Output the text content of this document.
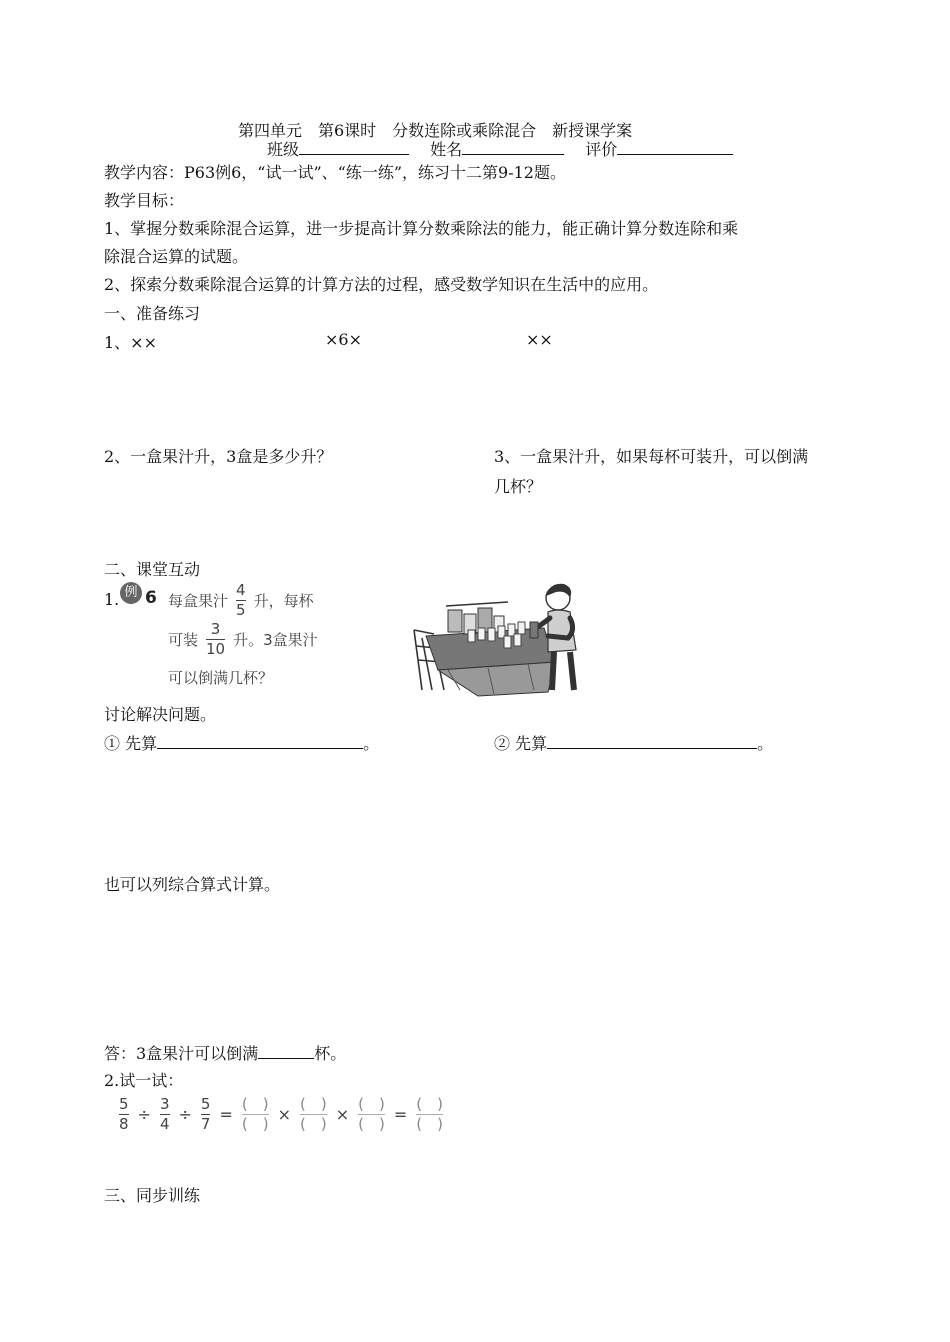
第四单元　第6课时　分数连除或乘除混合　新授课学案
班级	姓名	评价
教学内容：P63例6，“试一试”、“练一练”，练习十二第9-12题。
教学目标：
1、掌握分数乘除混合运算，进一步提高计算分数乘除法的能力，能正确计算分数连除和乘
除混合运算的试题。
2、探索分数乘除混合运算的计算方法的过程，感受数学知识在生活中的应用。
一、准备练习
1、××	×6×	××
2、一盒果汁升，3盒是多少升？	3、一盒果汁升，如果每杯可装升，可以倒满
几杯？
二、课堂互动
1. 例 6 每盒果汁 $\frac{4}{5}$ 升，每杯
可装 $\frac{3}{10}$ 升。3盒果汁
可以倒满几杯？
讨论解决问题。
① 先算	。	② 先算	。
也可以列综合算式计算。
答：3盒果汁可以倒满	杯。
2.试一试：
$\frac{5}{8} \div \frac{3}{4} \div \frac{5}{7} = \frac{( )}{( )} \times \frac{( )}{( )} \times \frac{( )}{( )} = \frac{( )}{( )}$
三、同步训练
